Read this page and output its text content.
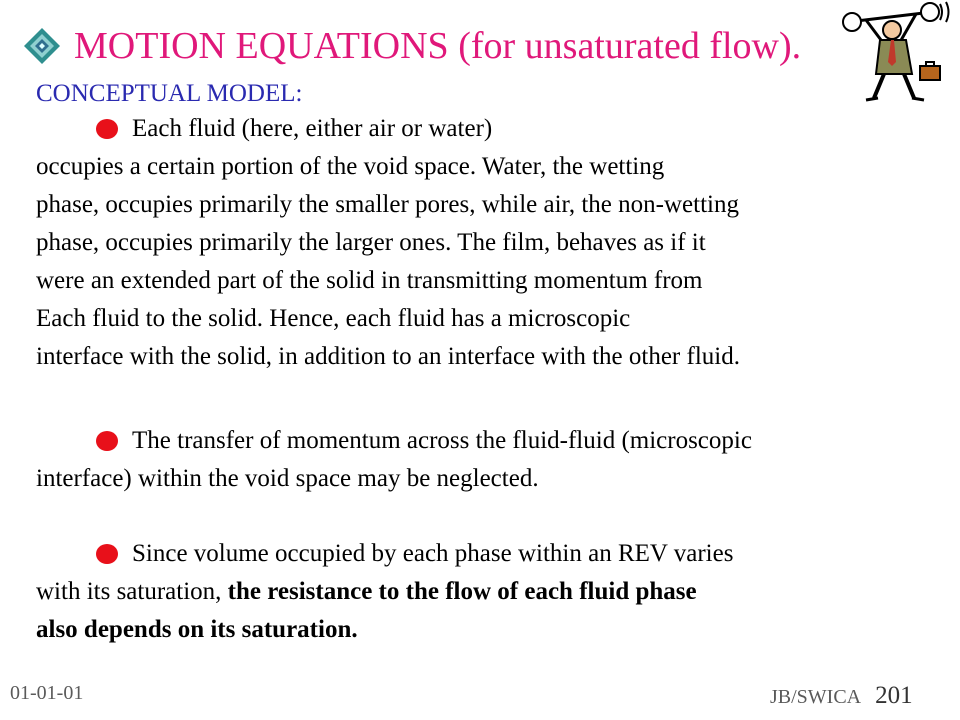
MOTION EQUATIONS (for unsaturated flow).
CONCEPTUAL MODEL:
Each fluid (here, either air or water)
occupies a certain portion of the void space. Water, the wetting
phase, occupies primarily the smaller pores, while air, the non-wetting
phase, occupies primarily the larger ones. The film, behaves as if it
were an extended part of the solid in transmitting momentum from
Each fluid to the solid. Hence, each fluid has a microscopic
interface with the solid, in addition to an interface with the other fluid.
The transfer of momentum across the fluid-fluid (microscopic
interface) within the void space may be neglected.
Since volume occupied by each phase within an REV varies
with its saturation, the resistance to the flow of each fluid phase
also depends on its saturation.
01-01-01	JB/SWICA 201
